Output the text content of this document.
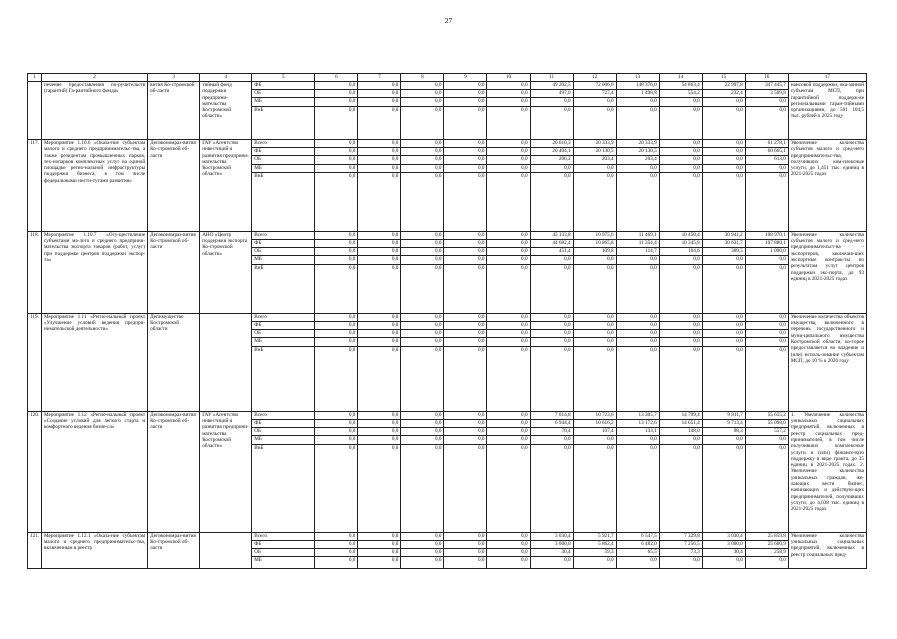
27
1	2	3	4	5	6	7	8	9	10	11	12	13	14	15	16	17
	печение предоставления по-ручительств (гарантий) Га-рантийного фонда»	вития Ко-стромской об-ласти	тийный фонд поддержки предприни-мательства Костромской области»	ФБ	0,0	0,0	0,0	0,0	0,0	49 202,5	72 006,0	148 376,0	54 863,4	22 997,8	347 445,7	нансовой поддержки, ока-занной субъектам МСП, при гарантийной поддерж-ке региональными гаран-тийными организациями, до 501 104,5 тыс. рублей к 2025 году
				ОБ	0,0	0,0	0,0	0,0	0,0	497,0	727,4	1 498,8	554,2	232,4	3 509,8	
				МБ	0,0	0,0	0,0	0,0	0,0	0,0	0,0	0,0	0,0	0,0	0,0	
				ВнБ	0,0	0,0	0,0	0,0	0,0	0,0	0,0	0,0	0,0	0,0	0,0	
117.	Мероприятие 1.10.6 «Оказа-ние субъектам малого и среднего предпринимательс-тва, а также резидентам промышленных парков, тех-нопарков комплексных услуг на единой площадке регио-нальной инфраструктуры поддержки бизнеса, в том числе федеральными инсти-тутами развития»	Депэкономраз-вития Ко-стромской об-ласти	ГАУ «Агентство инвестиций и развития предприни-мательства Костромской области»	Всего	0,0	0,0	0,0	0,0	0,0	20 610,3	20 333,9	20 333,9	0,0	0,0	61 278,1	Увеличение количества субъектов малого и сред-него предпринимательс-тва, получивших ком-плексные услуги, до 1,451 тыс. единиц в 2021-2025 годах
				ФБ	0,0	0,0	0,0	0,0	0,0	20 404,1	20 130,5	20 130,5	0,0	0,0	60 665,1	
				ОБ	0,0	0,0	0,0	0,0	0,0	206,2	203,4	203,4	0,0	0,0	613,0	
				МБ	0,0	0,0	0,0	0,0	0,0	0,0	0,0	0,0	0,0	0,0	0,0	
				ВнБ	0,0	0,0	0,0	0,0	0,0	0,0	0,0	0,0	0,0	0,0	0,0	
118.	Мероприятие 1.10.7 «Осу-ществление субъектами ма-лого и среднего предприни-мательства экспорта товаров (работ, услуг) при поддержке центров поддержки экспор-та»	Депэкономраз-вития Ко-стромской об-ласти	АНО «Центр поддержки экспорта Ко-стромской области»	Всего	0,0	0,0	0,0	0,0	0,0	45 133,8	10 975,6	11 469,1	10 450,4	30 941,2	108 970,1	Увеличение количества субъектов малого и сред-него предпринимательст-ва – экспортеров, заключив-ших экспортные контрак-ты по результатам услуг центров поддержки экс-порта, до 93 единиц в 2021-2025 годах
				ФБ	0,0	0,0	0,0	0,0	0,0	44 682,4	10 865,8	11 354,4	10 345,8	30 631,7	107 880,1	
				ОБ	0,0	0,0	0,0	0,0	0,0	451,4	109,8	114,7	104,6	309,5	1 090,0	
				МБ	0,0	0,0	0,0	0,0	0,0	0,0	0,0	0,0	0,0	0,0	0,0	
				ВнБ	0,0	0,0	0,0	0,0	0,0	0,0	0,0	0,0	0,0	0,0	0,0	
119.	Мероприятие 1.11 «Регио-нальный проект «Улучшение условий ведения предпри-нимательской деятельности»	Депимущество Костромской области		Всего	0,0	0,0	0,0	0,0	0,0	0,0	0,0	0,0	0,0	0,0	0,0	Увеличение количества объектов имущества, включенного в перечень государственного и муни-ципального имущества Костромской области, ко-торое предоставляется во владение и (или) исполь-зование субъектам МСП, до 10 % к 2020 году
				ФБ	0,0	0,0	0,0	0,0	0,0	0,0	0,0	0,0	0,0	0,0	0,0	
				ОБ	0,0	0,0	0,0	0,0	0,0	0,0	0,0	0,0	0,0	0,0	0,0	
				МБ	0,0	0,0	0,0	0,0	0,0	0,0	0,0	0,0	0,0	0,0	0,0	
				ВнБ	0,0	0,0	0,0	0,0	0,0	0,0	0,0	0,0	0,0	0,0	0,0	
120.	Мероприятие 1.12 «Регио-нальный проект «Создание условий для легкого старта и комфортного ведения бизне-са»	Депэкономраз-вития Ко-стромской об-ласти	ГАУ «Агентство инвестиций и развития предприни-мательства Костромской области»	Всего	0,0	0,0	0,0	0,0	0,0	7 014,8	10 723,6	13 305,7	14 799,4	9 811,7	55 655,2	1. Увеличение количества уникальных социальных предприятий, включенных в реестр социальных пред-принимателей, в том числе получивших комплексные услуги и (или) финансо-вую поддержку в виде гранта, до 35 единиц в 2021-2025 годах. 2. Увеличение количества уникальных граждан, же-лающих вести бизнес, начинающих и действую-щих предпринимателей, получивших услуги, до 4,038 тыс. единиц в 2021-2025 годах
				ФБ	0,0	0,0	0,0	0,0	0,0	6 944,4	10 616,2	13 172,6	14 651,4	9 713,4	55 098,0	
				ОБ	0,0	0,0	0,0	0,0	0,0	70,4	107,4	133,1	148,0	98,3	557,2	
				МБ	0,0	0,0	0,0	0,0	0,0	0,0	0,0	0,0	0,0	0,0	0,0	
				ВнБ	0,0	0,0	0,0	0,0	0,0	0,0	0,0	0,0	0,0	0,0	0,0	
121.	Мероприятие 1.12.1 «Оказа-ние субъектам малого и среднего предпринимательс-тва, включенным в реестр	Депэкономраз-вития Ко-стромской об-ласти		Всего	0,0	0,0	0,0	0,0	0,0	3 030,4	5 921,7	6 547,5	7 329,8	3 030,4	25 859,8	Увеличение количества уникальных социальных предприятий, включенных в реестр социальных пред-
				ФБ	0,0	0,0	0,0	0,0	0,0	3 000,0	5 862,4	6 482,0	7 256,5	3 000,0	25 600,9	
				ОБ	0,0	0,0	0,0	0,0	0,0	30,4	59,3	65,5	73,3	30,4	258,9	
				МБ	0,0	0,0	0,0	0,0	0,0	0,0	0,0	0,0	0,0	0,0	0,0	
